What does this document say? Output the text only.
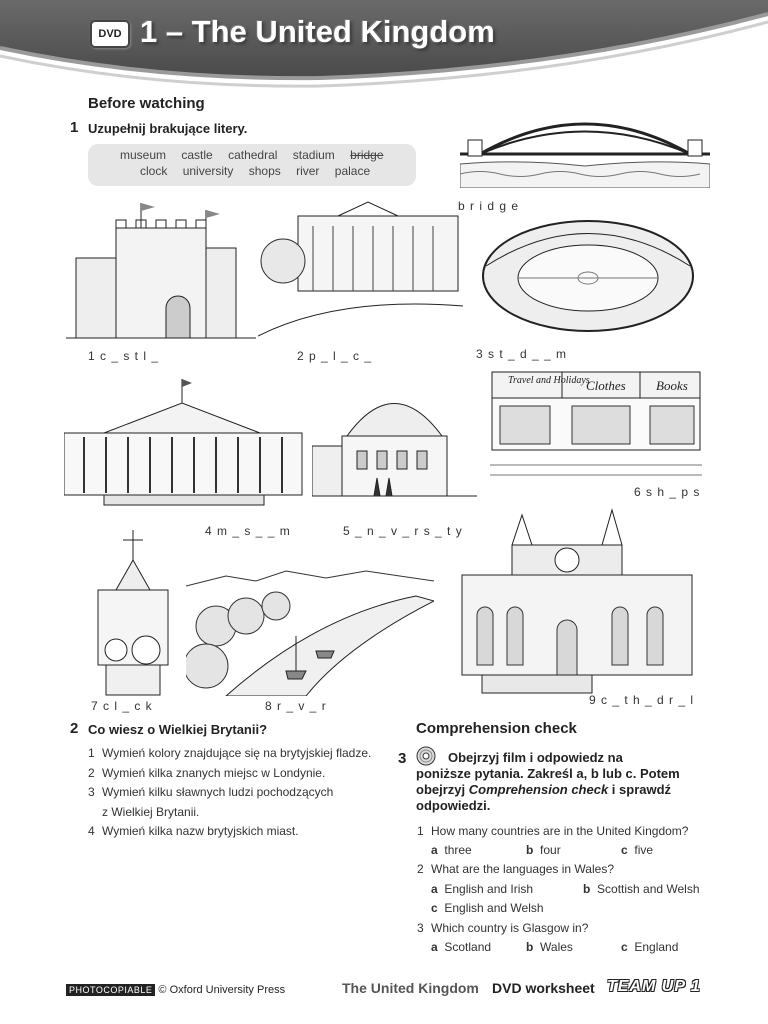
DVD 1 – The United Kingdom
Before watching
1 Uzupełnij brakujące litery.
museum castle cathedral stadium bridge
clock university shops river palace
b r i d g e
1 c _ s t l _	2 p _ l _ c _	3 s t _ d _ _ m
4 m _ s _ _ m	5 _ n _ v _ r s _ t y
Travel and Holidays
Clothes Books
6 s h _ p s
7 c l _ c k	8 r _ v _ r	9 c _ t h _ d r _ l
2 Co wiesz o Wielkiej Brytanii?
1 Wymień kolory znajdujące się na brytyjskiej fladze.
2 Wymień kilka znanych miejsc w Londynie.
3 Wymień kilku sławnych ludzi pochodzących
z Wielkiej Brytanii.
4 Wymień kilka nazw brytyjskich miast.
Comprehension check
3	Obejrzyj film i odpowiedz na
poniższe pytania. Zakreśl a, b lub c. Potem
obejrzyj Comprehension check i sprawdź
odpowiedzi.
1 How many countries are in the United Kingdom?
a three	b four	c five
2 What are the languages in Wales?
a English and Irish	b Scottish and Welsh
c English and Welsh
3 Which country is Glasgow in?
a Scotland	b Wales	c England
PHOTOCOPIABLE © Oxford University Press	The United Kingdom DVD worksheet TEAM UP 1
